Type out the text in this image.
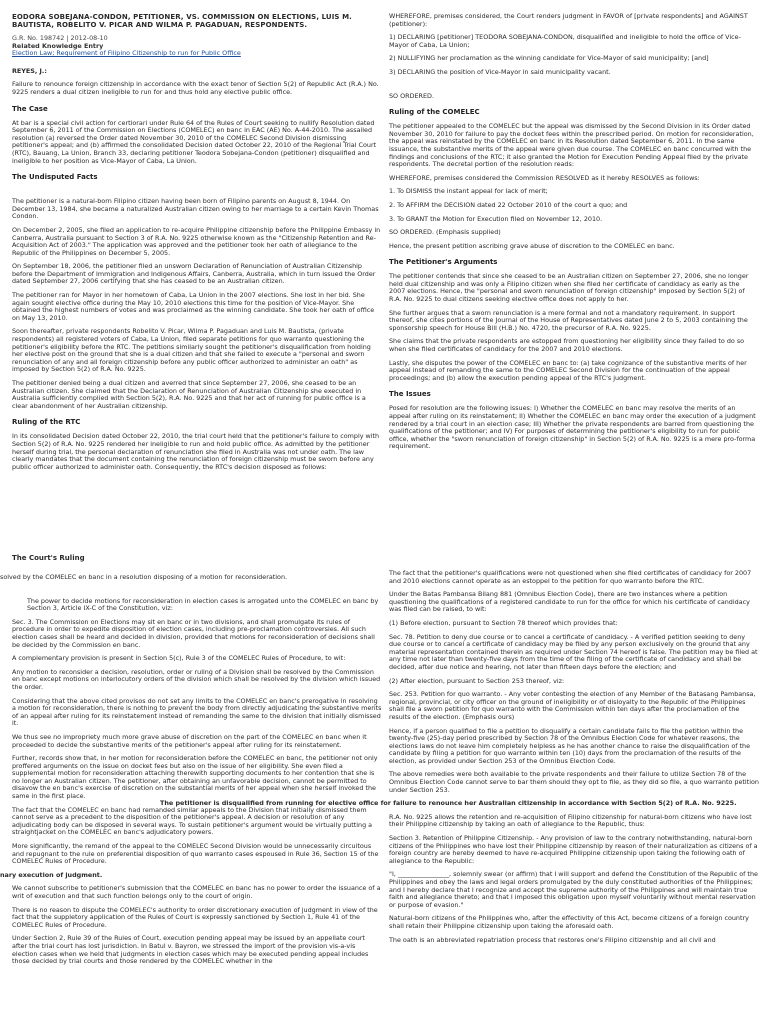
EODORA SOBEJANA-CONDON, PETITIONER, VS. COMMISSION ON ELECTIONS, LUIS M. BAUTISTA, ROBELITO V. PICAR AND WILMA P. PAGADUAN, RESPONDENTS.

G.R. No. 198742 | 2012-08-10
Related Knowledge Entry
Election Law; Requirement of Filipino Citizenship to run for Public Office

REYES, J.:

Failure to renounce foreign citizenship in accordance with the exact tenor of Section 5(2) of Republic Act (R.A.) No. 9225 renders a dual citizen ineligible to run for and thus hold any elective public office.

The Case

At bar is a special civil action for certiorari under Rule 64 of the Rules of Court seeking to nullify Resolution dated September 6, 2011 of the Commission on Elections (COMELEC) en banc in EAC (AE) No. A-44-2010. The assailed resolution (a) reversed the Order dated November 30, 2010 of the COMELEC Second Division dismissing petitioner's appeal; and (b) affirmed the consolidated Decision dated October 22, 2010 of the Regional Trial Court (RTC), Bauang, La Union, Branch 33, declaring petitioner Teodora Sobejana-Condon (petitioner) disqualified and ineligible to her position as Vice-Mayor of Caba, La Union.

The Undisputed Facts

The petitioner is a natural-born Filipino citizen having been born of Filipino parents on August 8, 1944. On December 13, 1984, she became a naturalized Australian citizen owing to her marriage to a certain Kevin Thomas Condon.

On December 2, 2005, she filed an application to re-acquire Philippine citizenship before the Philippine Embassy in Canberra, Australia pursuant to Section 3 of R.A. No. 9225 otherwise known as the "Citizenship Retention and Re-Acquisition Act of 2003." The application was approved and the petitioner took her oath of allegiance to the Republic of the Philippines on December 5, 2005.

On September 18, 2006, the petitioner filed an unsworn Declaration of Renunciation of Australian Citizenship before the Department of Immigration and Indigenous Affairs, Canberra, Australia, which in turn issued the Order dated September 27, 2006 certifying that she has ceased to be an Australian citizen.

The petitioner ran for Mayor in her hometown of Caba, La Union in the 2007 elections. She lost in her bid. She again sought elective office during the May 10, 2010 elections this time for the position of Vice-Mayor. She obtained the highest numbers of votes and was proclaimed as the winning candidate. She took her oath of office on May 13, 2010.

Soon thereafter, private respondents Robelito V. Picar, Wilma P. Pagaduan and Luis M. Bautista, (private respondents) all registered voters of Caba, La Union, filed separate petitions for quo warranto questioning the petitioner's eligibility before the RTC. The petitions similarly sought the petitioner's disqualification from holding her elective post on the ground that she is a dual citizen and that she failed to execute a "personal and sworn renunciation of any and all foreign citizenship before any public officer authorized to administer an oath" as imposed by Section 5(2) of R.A. No. 9225.

The petitioner denied being a dual citizen and averred that since September 27, 2006, she ceased to be an Australian citizen. She claimed that the Declaration of Renunciation of Australian Citizenship she executed in Australia sufficiently complied with Section 5(2), R.A. No. 9225 and that her act of running for public office is a clear abandonment of her Australian citizenship.

Ruling of the RTC

In its consolidated Decision dated October 22, 2010, the trial court held that the petitioner's failure to comply with Section 5(2) of R.A. No. 9225 rendered her ineligible to run and hold public office. As admitted by the petitioner herself during trial, the personal declaration of renunciation she filed in Australia was not under oath. The law clearly mandates that the document containing the renunciation of foreign citizenship must be sworn before any public officer authorized to administer oath. Consequently, the RTC's decision disposed as follows:

WHEREFORE, premises considered, the Court renders judgment in FAVOR of [private respondents] and AGAINST (petitioner):

1) DECLARING [petitioner] TEODORA SOBEJANA-CONDON, disqualified and ineligible to hold the office of Vice-Mayor of Caba, La Union;

2) NULLIFYING her proclamation as the winning candidate for Vice-Mayor of said municipality; [and]

3) DECLARING the position of Vice-Mayor in said municipality vacant.

SO ORDERED.

Ruling of the COMELEC

The petitioner appealed to the COMELEC but the appeal was dismissed by the Second Division in its Order dated November 30, 2010 for failure to pay the docket fees within the prescribed period. On motion for reconsideration, the appeal was reinstated by the COMELEC en banc in its Resolution dated September 6, 2011. In the same issuance, the substantive merits of the appeal were given due course. The COMELEC en banc concurred with the findings and conclusions of the RTC; it also granted the Motion for Execution Pending Appeal filed by the private respondents. The decretal portion of the resolution reads:

WHEREFORE, premises considered the Commission RESOLVED as it hereby RESOLVES as follows:

1. To DISMISS the instant appeal for lack of merit;

2. To AFFIRM the DECISION dated 22 October 2010 of the court a quo; and

3. To GRANT the Motion for Execution filed on November 12, 2010.

SO ORDERED. (Emphasis supplied)

Hence, the present petition ascribing grave abuse of discretion to the COMELEC en banc.

The Petitioner's Arguments

The petitioner contends that since she ceased to be an Australian citizen on September 27, 2006, she no longer held dual citizenship and was only a Filipino citizen when she filed her certificate of candidacy as early as the 2007 elections. Hence, the "personal and sworn renunciation of foreign citizenship" imposed by Section 5(2) of R.A. No. 9225 to dual citizens seeking elective office does not apply to her.

She further argues that a sworn renunciation is a mere formal and not a mandatory requirement. In support thereof, she cites portions of the Journal of the House of Representatives dated June 2 to 5, 2003 containing the sponsorship speech for House Bill (H.B.) No. 4720, the precursor of R.A. No. 9225.

She claims that the private respondents are estopped from questioning her eligibility since they failed to do so when she filed certificates of candidacy for the 2007 and 2010 elections.

Lastly, she disputes the power of the COMELEC en banc to: (a) take cognizance of the substantive merits of her appeal instead of remanding the same to the COMELEC Second Division for the continuation of the appeal proceedings; and (b) allow the execution pending appeal of the RTC's judgment.

The Issues

Posed for resolution are the following issues: I) Whether the COMELEC en banc may resolve the merits of an appeal after ruling on its reinstatement; II) Whether the COMELEC en banc may order the execution of a judgment rendered by a trial court in an election case; III) Whether the private respondents are barred from questioning the qualifications of the petitioner; and IV) For purposes of determining the petitioner's eligibility to run for public office, whether the "sworn renunciation of foreign citizenship" in Section 5(2) of R.A. No. 9225 is a mere pro-forma requirement.

The Court's Ruling

solved by the COMELEC en banc in a resolution disposing of a motion for reconsideration.

The power to decide motions for reconsideration in election cases is arrogated unto the COMELEC en banc by Section 3, Article IX-C of the Constitution, viz:

Sec. 3. The Commission on Elections may sit en banc or in two divisions, and shall promulgate its rules of procedure in order to expedite disposition of election cases, including pre-proclamation controversies. All such election cases shall be heard and decided in division, provided that motions for reconsideration of decisions shall be decided by the Commission en banc.

A complementary provision is present in Section 5(c), Rule 3 of the COMELEC Rules of Procedure, to wit:

Any motion to reconsider a decision, resolution, order or ruling of a Division shall be resolved by the Commission en banc except motions on interlocutory orders of the division which shall be resolved by the division which issued the order.

Considering that the above cited provisos do not set any limits to the COMELEC en banc's prerogative in resolving a motion for reconsideration, there is nothing to prevent the body from directly adjudicating the substantive merits of an appeal after ruling for its reinstatement instead of remanding the same to the division that initially dismissed it.

We thus see no impropriety much more grave abuse of discretion on the part of the COMELEC en banc when it proceeded to decide the substantive merits of the petitioner's appeal after ruling for its reinstatement.

Further, records show that, in her motion for reconsideration before the COMELEC en banc, the petitioner not only proffered arguments on the issue on docket fees but also on the issue of her eligibility. She even filed a supplemental motion for reconsideration attaching therewith supporting documents to her contention that she is no longer an Australian citizen. The petitioner, after obtaining an unfavorable decision, cannot be permitted to disavow the en banc's exercise of discretion on the substantial merits of her appeal when she herself invoked the same in the first place.

The fact that the COMELEC en banc had remanded similar appeals to the Division that initially dismissed them cannot serve as a precedent to the disposition of the petitioner's appeal. A decision or resolution of any adjudicating body can be disposed in several ways. To sustain petitioner's argument would be virtually putting a straightjacket on the COMELEC en banc's adjudicatory powers.

More significantly, the remand of the appeal to the COMELEC Second Division would be unnecessarily circuitous and repugnant to the rule on preferential disposition of quo warranto cases espoused in Rule 36, Section 15 of the COMELEC Rules of Procedure.

nary execution of judgment.

We cannot subscribe to petitioner's submission that the COMELEC en banc has no power to order the issuance of a writ of execution and that such function belongs only to the court of origin.

There is no reason to dispute the COMELEC's authority to order discretionary execution of judgment in view of the fact that the suppletory application of the Rules of Court is expressly sanctioned by Section 1, Rule 41 of the COMELEC Rules of Procedure.

Under Section 2, Rule 39 of the Rules of Court, execution pending appeal may be issued by an appellate court after the trial court has lost jurisdiction. In Batul v. Bayron, we stressed the import of the provision vis-a-vis election cases when we held that judgments in election cases which may be executed pending appeal includes those decided by trial courts and those rendered by the COMELEC whether in the

The fact that the petitioner's qualifications were not questioned when she filed certificates of candidacy for 2007 and 2010 elections cannot operate as an estoppel to the petition for quo warranto before the RTC.

Under the Batas Pambansa Bilang 881 (Omnibus Election Code), there are two instances where a petition questioning the qualifications of a registered candidate to run for the office for which his certificate of candidacy was filed can be raised, to wit:

(1) Before election, pursuant to Section 78 thereof which provides that:

Sec. 78. Petition to deny due course or to cancel a certificate of candidacy. - A verified petition seeking to deny due course or to cancel a certificate of candidacy may be filed by any person exclusively on the ground that any material representation contained therein as required under Section 74 hereof is false. The petition may be filed at any time not later than twenty-five days from the time of the filing of the certificate of candidacy and shall be decided, after due notice and hearing, not later than fifteen days before the election; and

(2) After election, pursuant to Section 253 thereof, viz:

Sec. 253. Petition for quo warranto. - Any voter contesting the election of any Member of the Batasang Pambansa, regional, provincial, or city officer on the ground of ineligibility or of disloyalty to the Republic of the Philippines shall file a sworn petition for quo warranto with the Commission within ten days after the proclamation of the results of the election. (Emphasis ours)

Hence, if a person qualified to file a petition to disqualify a certain candidate fails to file the petition within the twenty-five (25)-day period prescribed by Section 78 of the Omnibus Election Code for whatever reasons, the elections laws do not leave him completely helpless as he has another chance to raise the disqualification of the candidate by filing a petition for quo warranto within ten (10) days from the proclamation of the results of the election, as provided under Section 253 of the Omnibus Election Code.

The above remedies were both available to the private respondents and their failure to utilize Section 78 of the Omnibus Election Code cannot serve to bar them should they opt to file, as they did so file, a quo warranto petition under Section 253.

The petitioner is disqualified from running for elective office for failure to renounce her Australian citizenship in accordance with Section 5(2) of R.A. No. 9225.

R.A. No. 9225 allows the retention and re-acquisition of Filipino citizenship for natural-born citizens who have lost their Philippine citizenship by taking an oath of allegiance to the Republic, thus:

Section 3. Retention of Philippine Citizenship. - Any provision of law to the contrary notwithstanding, natural-born citizens of the Philippines who have lost their Philippine citizenship by reason of their naturalization as citizens of a foreign country are hereby deemed to have re-acquired Philippine citizenship upon taking the following oath of allegiance to the Republic:

"I, ________________, solemnly swear (or affirm) that I will support and defend the Constitution of the Republic of the Philippines and obey the laws and legal orders promulgated by the duly constituted authorities of the Philippines; and I hereby declare that I recognize and accept the supreme authority of the Philippines and will maintain true faith and allegiance thereto; and that I imposed this obligation upon myself voluntarily without mental reservation or purpose of evasion."

Natural-born citizens of the Philippines who, after the effectivity of this Act, become citizens of a foreign country shall retain their Philippine citizenship upon taking the aforesaid oath.

The oath is an abbreviated repatriation process that restores one's Filipino citizenship and all civil and
